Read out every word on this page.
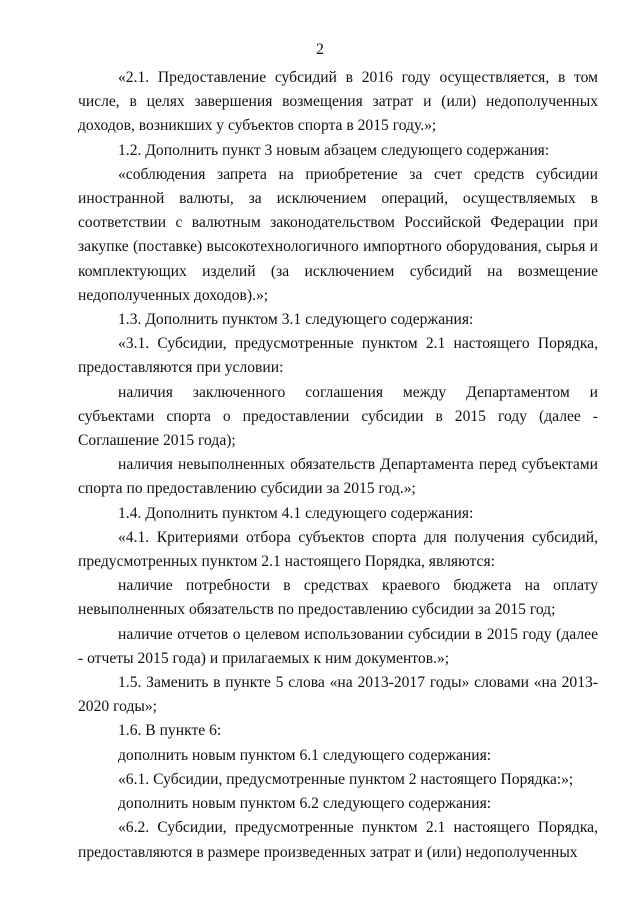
2

«2.1. Предоставление субсидий в 2016 году осуществляется, в том числе, в целях завершения возмещения затрат и (или) недополученных доходов, возникших у субъектов спорта в 2015 году.»;

1.2. Дополнить пункт 3 новым абзацем следующего содержания:

«соблюдения запрета на приобретение за счет средств субсидии иностранной валюты, за исключением операций, осуществляемых в соответствии с валютным законодательством Российской Федерации при закупке (поставке) высокотехнологичного импортного оборудования, сырья и комплектующих изделий (за исключением субсидий на возмещение недополученных доходов).»;

1.3. Дополнить пунктом 3.1 следующего содержания:

«3.1. Субсидии, предусмотренные пунктом 2.1 настоящего Порядка, предоставляются при условии:

наличия заключенного соглашения между Департаментом и субъектами спорта о предоставлении субсидии в 2015 году (далее - Соглашение 2015 года);

наличия невыполненных обязательств Департамента перед субъектами спорта по предоставлению субсидии за 2015 год.»;

1.4. Дополнить пунктом 4.1 следующего содержания:

«4.1. Критериями отбора субъектов спорта для получения субсидий, предусмотренных пунктом 2.1 настоящего Порядка, являются:

наличие потребности в средствах краевого бюджета на оплату невыполненных обязательств по предоставлению субсидии за 2015 год;

наличие отчетов о целевом использовании субсидии в 2015 году (далее - отчеты 2015 года) и прилагаемых к ним документов.»;

1.5. Заменить в пункте 5 слова «на 2013-2017 годы» словами «на 2013-2020 годы»;

1.6. В пункте 6:

дополнить новым пунктом 6.1 следующего содержания:

«6.1. Субсидии, предусмотренные пунктом 2 настоящего Порядка:»;

дополнить новым пунктом 6.2 следующего содержания:

«6.2. Субсидии, предусмотренные пунктом 2.1 настоящего Порядка, предоставляются в размере произведенных затрат и (или) недополученных
